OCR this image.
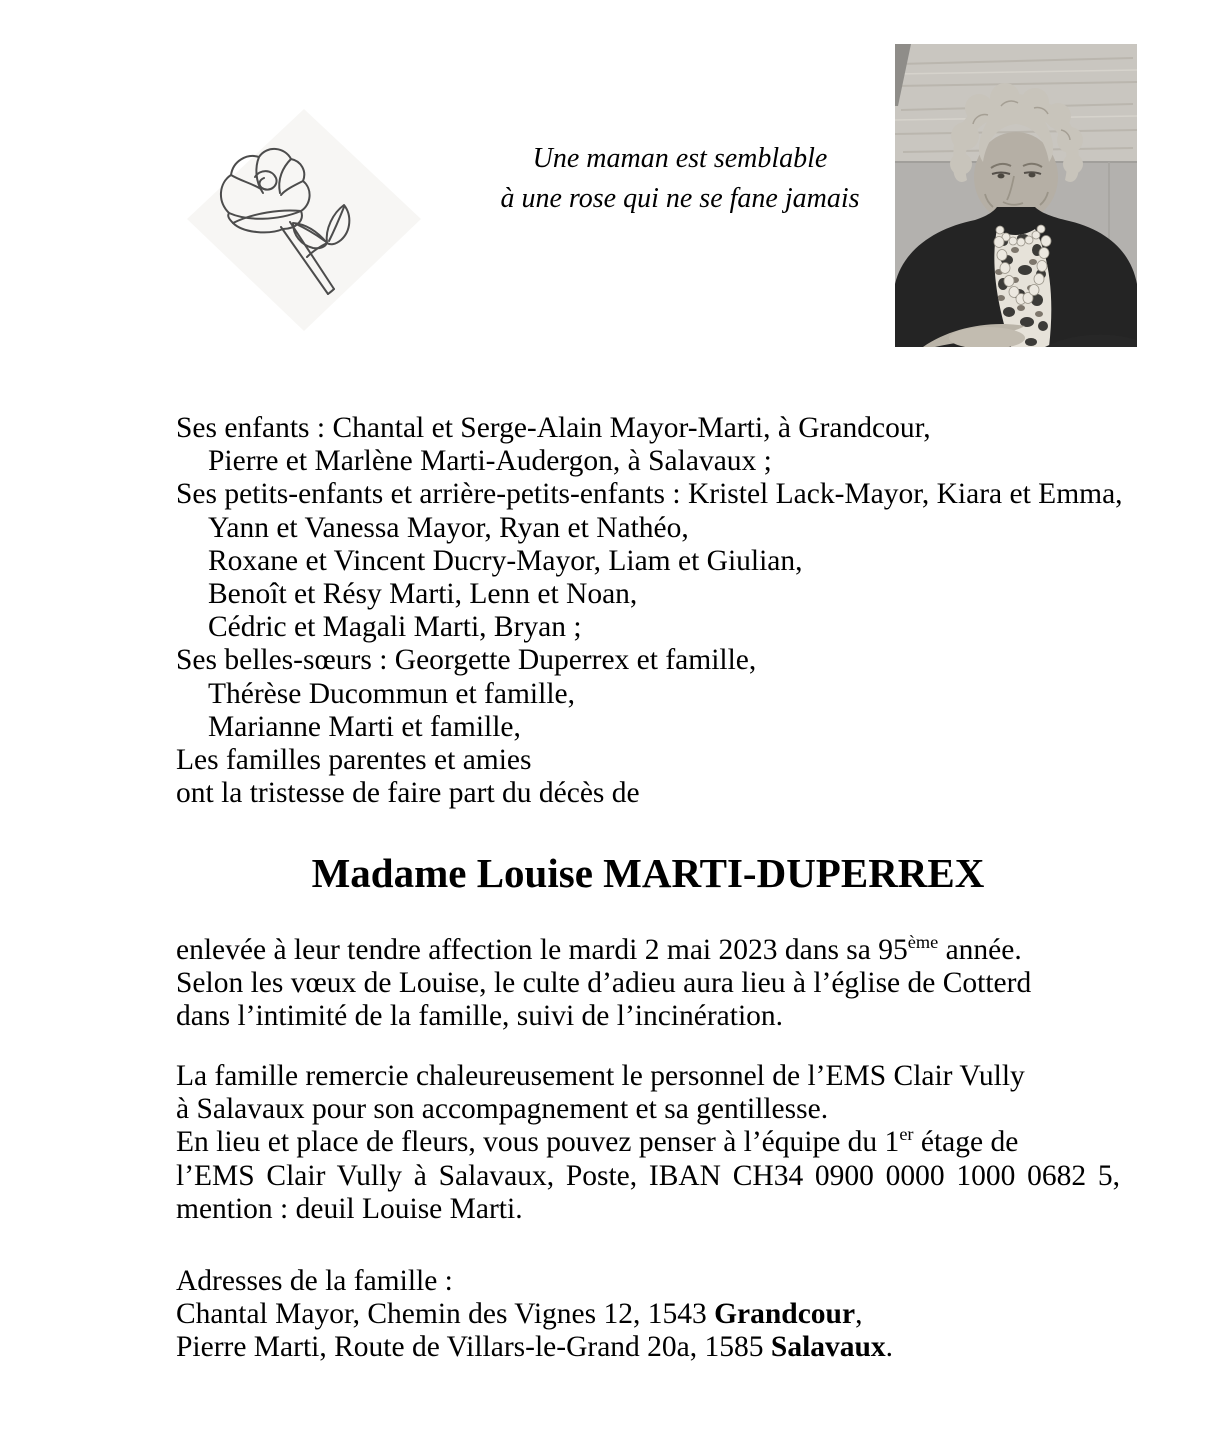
Une maman est semblable
à une rose qui ne se fane jamais
Ses enfants : Chantal et Serge-Alain Mayor-Marti, à Grandcour,
Pierre et Marlène Marti-Audergon, à Salavaux ;
Ses petits-enfants et arrière-petits-enfants : Kristel Lack-Mayor, Kiara et Emma,
Yann et Vanessa Mayor, Ryan et Nathéo,
Roxane et Vincent Ducry-Mayor, Liam et Giulian,
Benoît et Résy Marti, Lenn et Noan,
Cédric et Magali Marti, Bryan ;
Ses belles-sœurs : Georgette Duperrex et famille,
Thérèse Ducommun et famille,
Marianne Marti et famille,
Les familles parentes et amies
ont la tristesse de faire part du décès de
Madame Louise MARTI-DUPERREX
enlevée à leur tendre affection le mardi 2 mai 2023 dans sa 95ème année.
Selon les vœux de Louise, le culte d’adieu aura lieu à l’église de Cotterd
dans l’intimité de la famille, suivi de l’incinération.
La famille remercie chaleureusement le personnel de l’EMS Clair Vully
à Salavaux pour son accompagnement et sa gentillesse.
En lieu et place de fleurs, vous pouvez penser à l’équipe du 1er étage de
l’EMS Clair Vully à Salavaux, Poste, IBAN CH34 0900 0000 1000 0682 5,
mention : deuil Louise Marti.
Adresses de la famille :
Chantal Mayor, Chemin des Vignes 12, 1543 Grandcour,
Pierre Marti, Route de Villars-le-Grand 20a, 1585 Salavaux.
